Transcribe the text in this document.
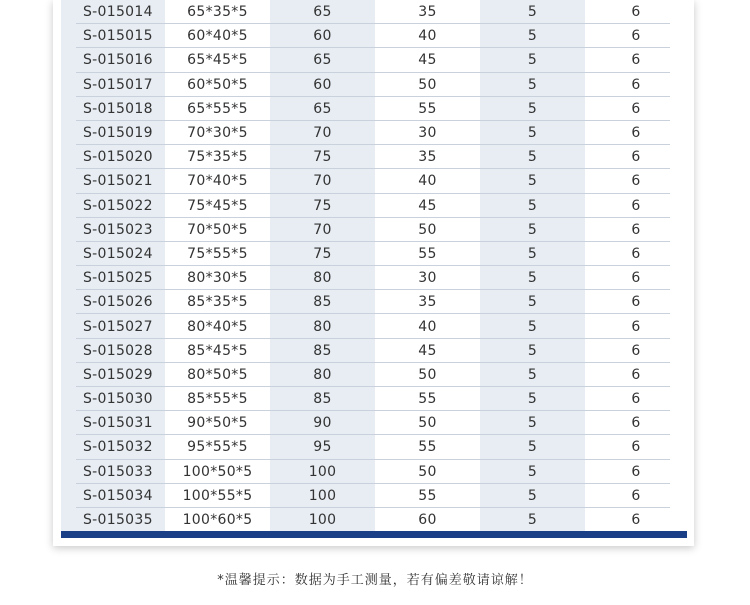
S-015014	65*35*5	65	35	5	6
S-015015	60*40*5	60	40	5	6
S-015016	65*45*5	65	45	5	6
S-015017	60*50*5	60	50	5	6
S-015018	65*55*5	65	55	5	6
S-015019	70*30*5	70	30	5	6
S-015020	75*35*5	75	35	5	6
S-015021	70*40*5	70	40	5	6
S-015022	75*45*5	75	45	5	6
S-015023	70*50*5	70	50	5	6
S-015024	75*55*5	75	55	5	6
S-015025	80*30*5	80	30	5	6
S-015026	85*35*5	85	35	5	6
S-015027	80*40*5	80	40	5	6
S-015028	85*45*5	85	45	5	6
S-015029	80*50*5	80	50	5	6
S-015030	85*55*5	85	55	5	6
S-015031	90*50*5	90	50	5	6
S-015032	95*55*5	95	55	5	6
S-015033	100*50*5	100	50	5	6
S-015034	100*55*5	100	55	5	6
S-015035	100*60*5	100	60	5	6
*温馨提示：数据为手工测量，若有偏差敬请谅解！
